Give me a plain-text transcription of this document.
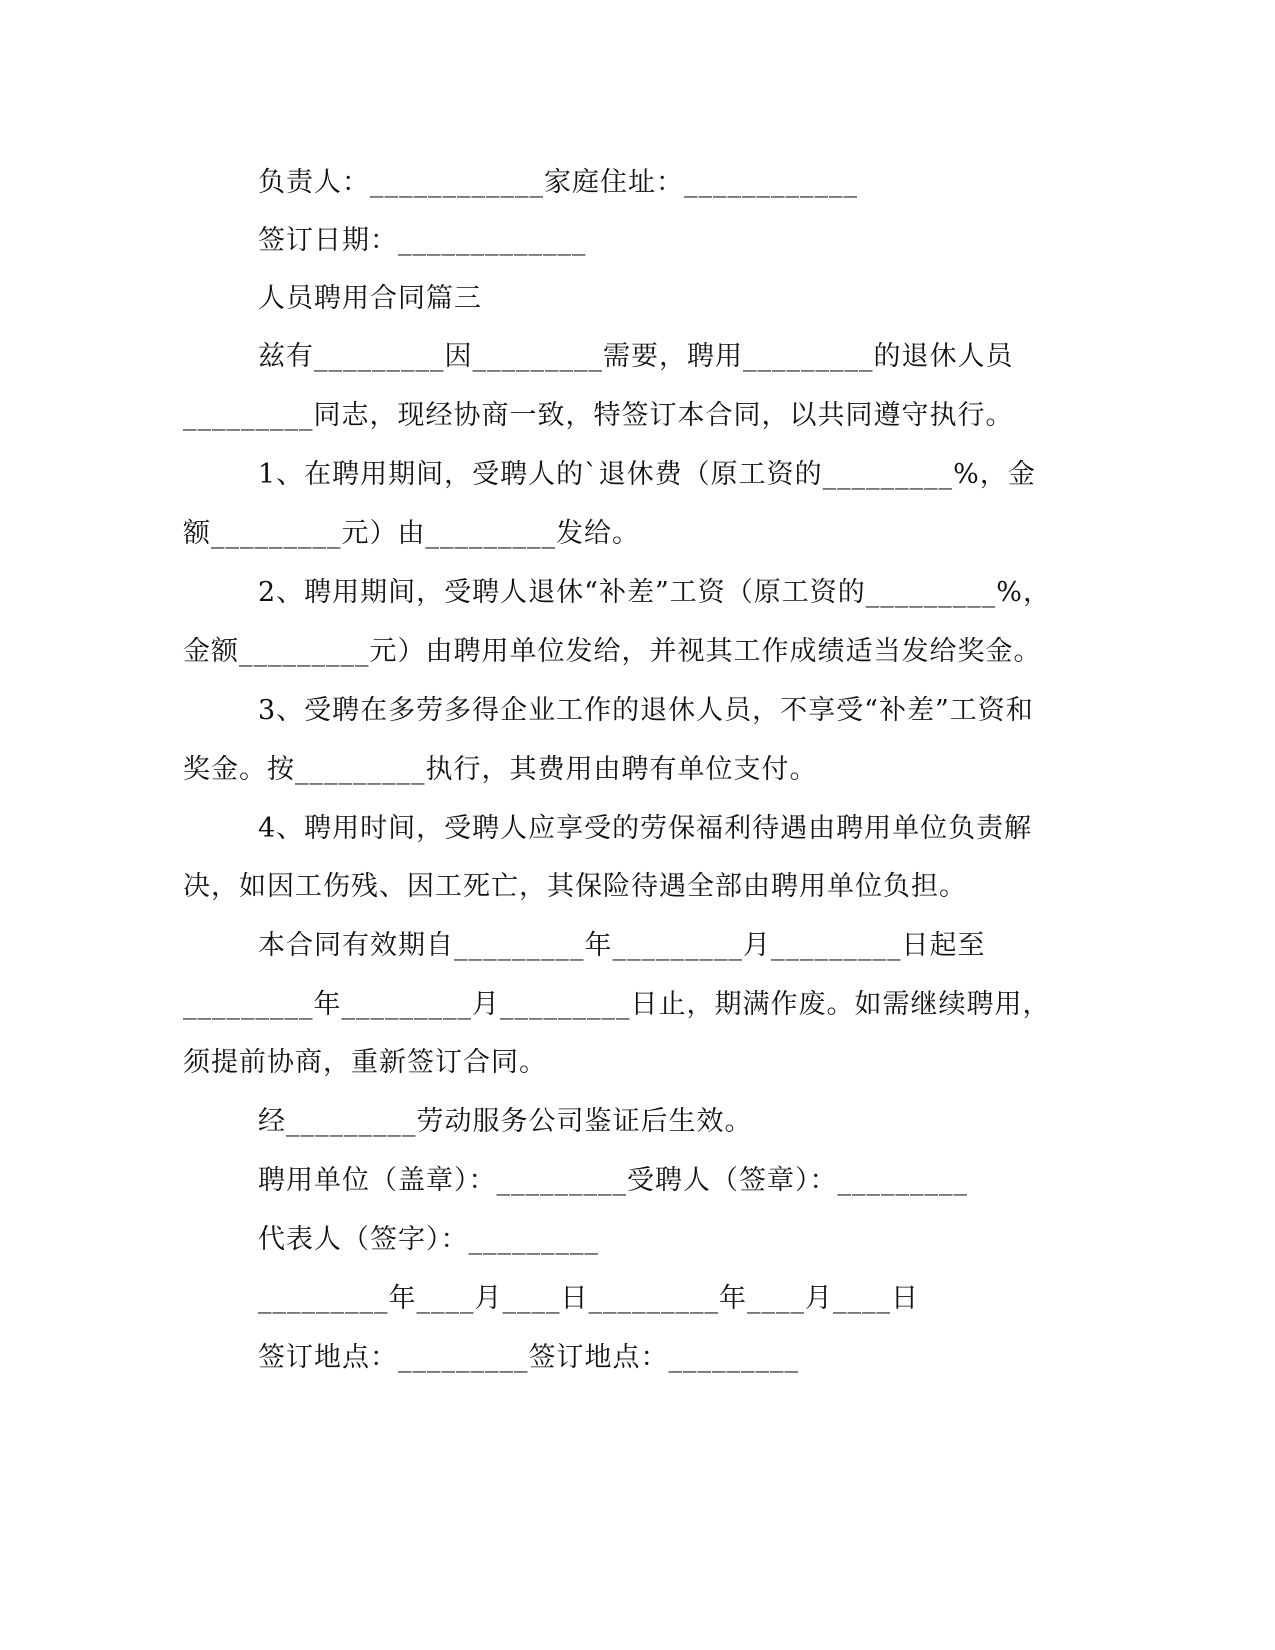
负责人：____________家庭住址：____________
签订日期：_____________
人员聘用合同篇三
兹有_________因_________需要，聘用_________的退休人员
_________同志，现经协商一致，特签订本合同，以共同遵守执行。
1、在聘用期间，受聘人的`退休费（原工资的_________%，金
额_________元）由_________发给。
2、聘用期间，受聘人退休“补差”工资（原工资的_________%，
金额_________元）由聘用单位发给，并视其工作成绩适当发给奖金。
3、受聘在多劳多得企业工作的退休人员，不享受“补差”工资和
奖金。按_________执行，其费用由聘有单位支付。
4、聘用时间，受聘人应享受的劳保福利待遇由聘用单位负责解
决，如因工伤残、因工死亡，其保险待遇全部由聘用单位负担。
本合同有效期自_________年_________月_________日起至
_________年_________月_________日止，期满作废。如需继续聘用，
须提前协商，重新签订合同。
经_________劳动服务公司鉴证后生效。
聘用单位（盖章）：_________受聘人（签章）：_________
代表人（签字）：_________
_________年____月____日_________年____月____日
签订地点：_________签订地点：_________
